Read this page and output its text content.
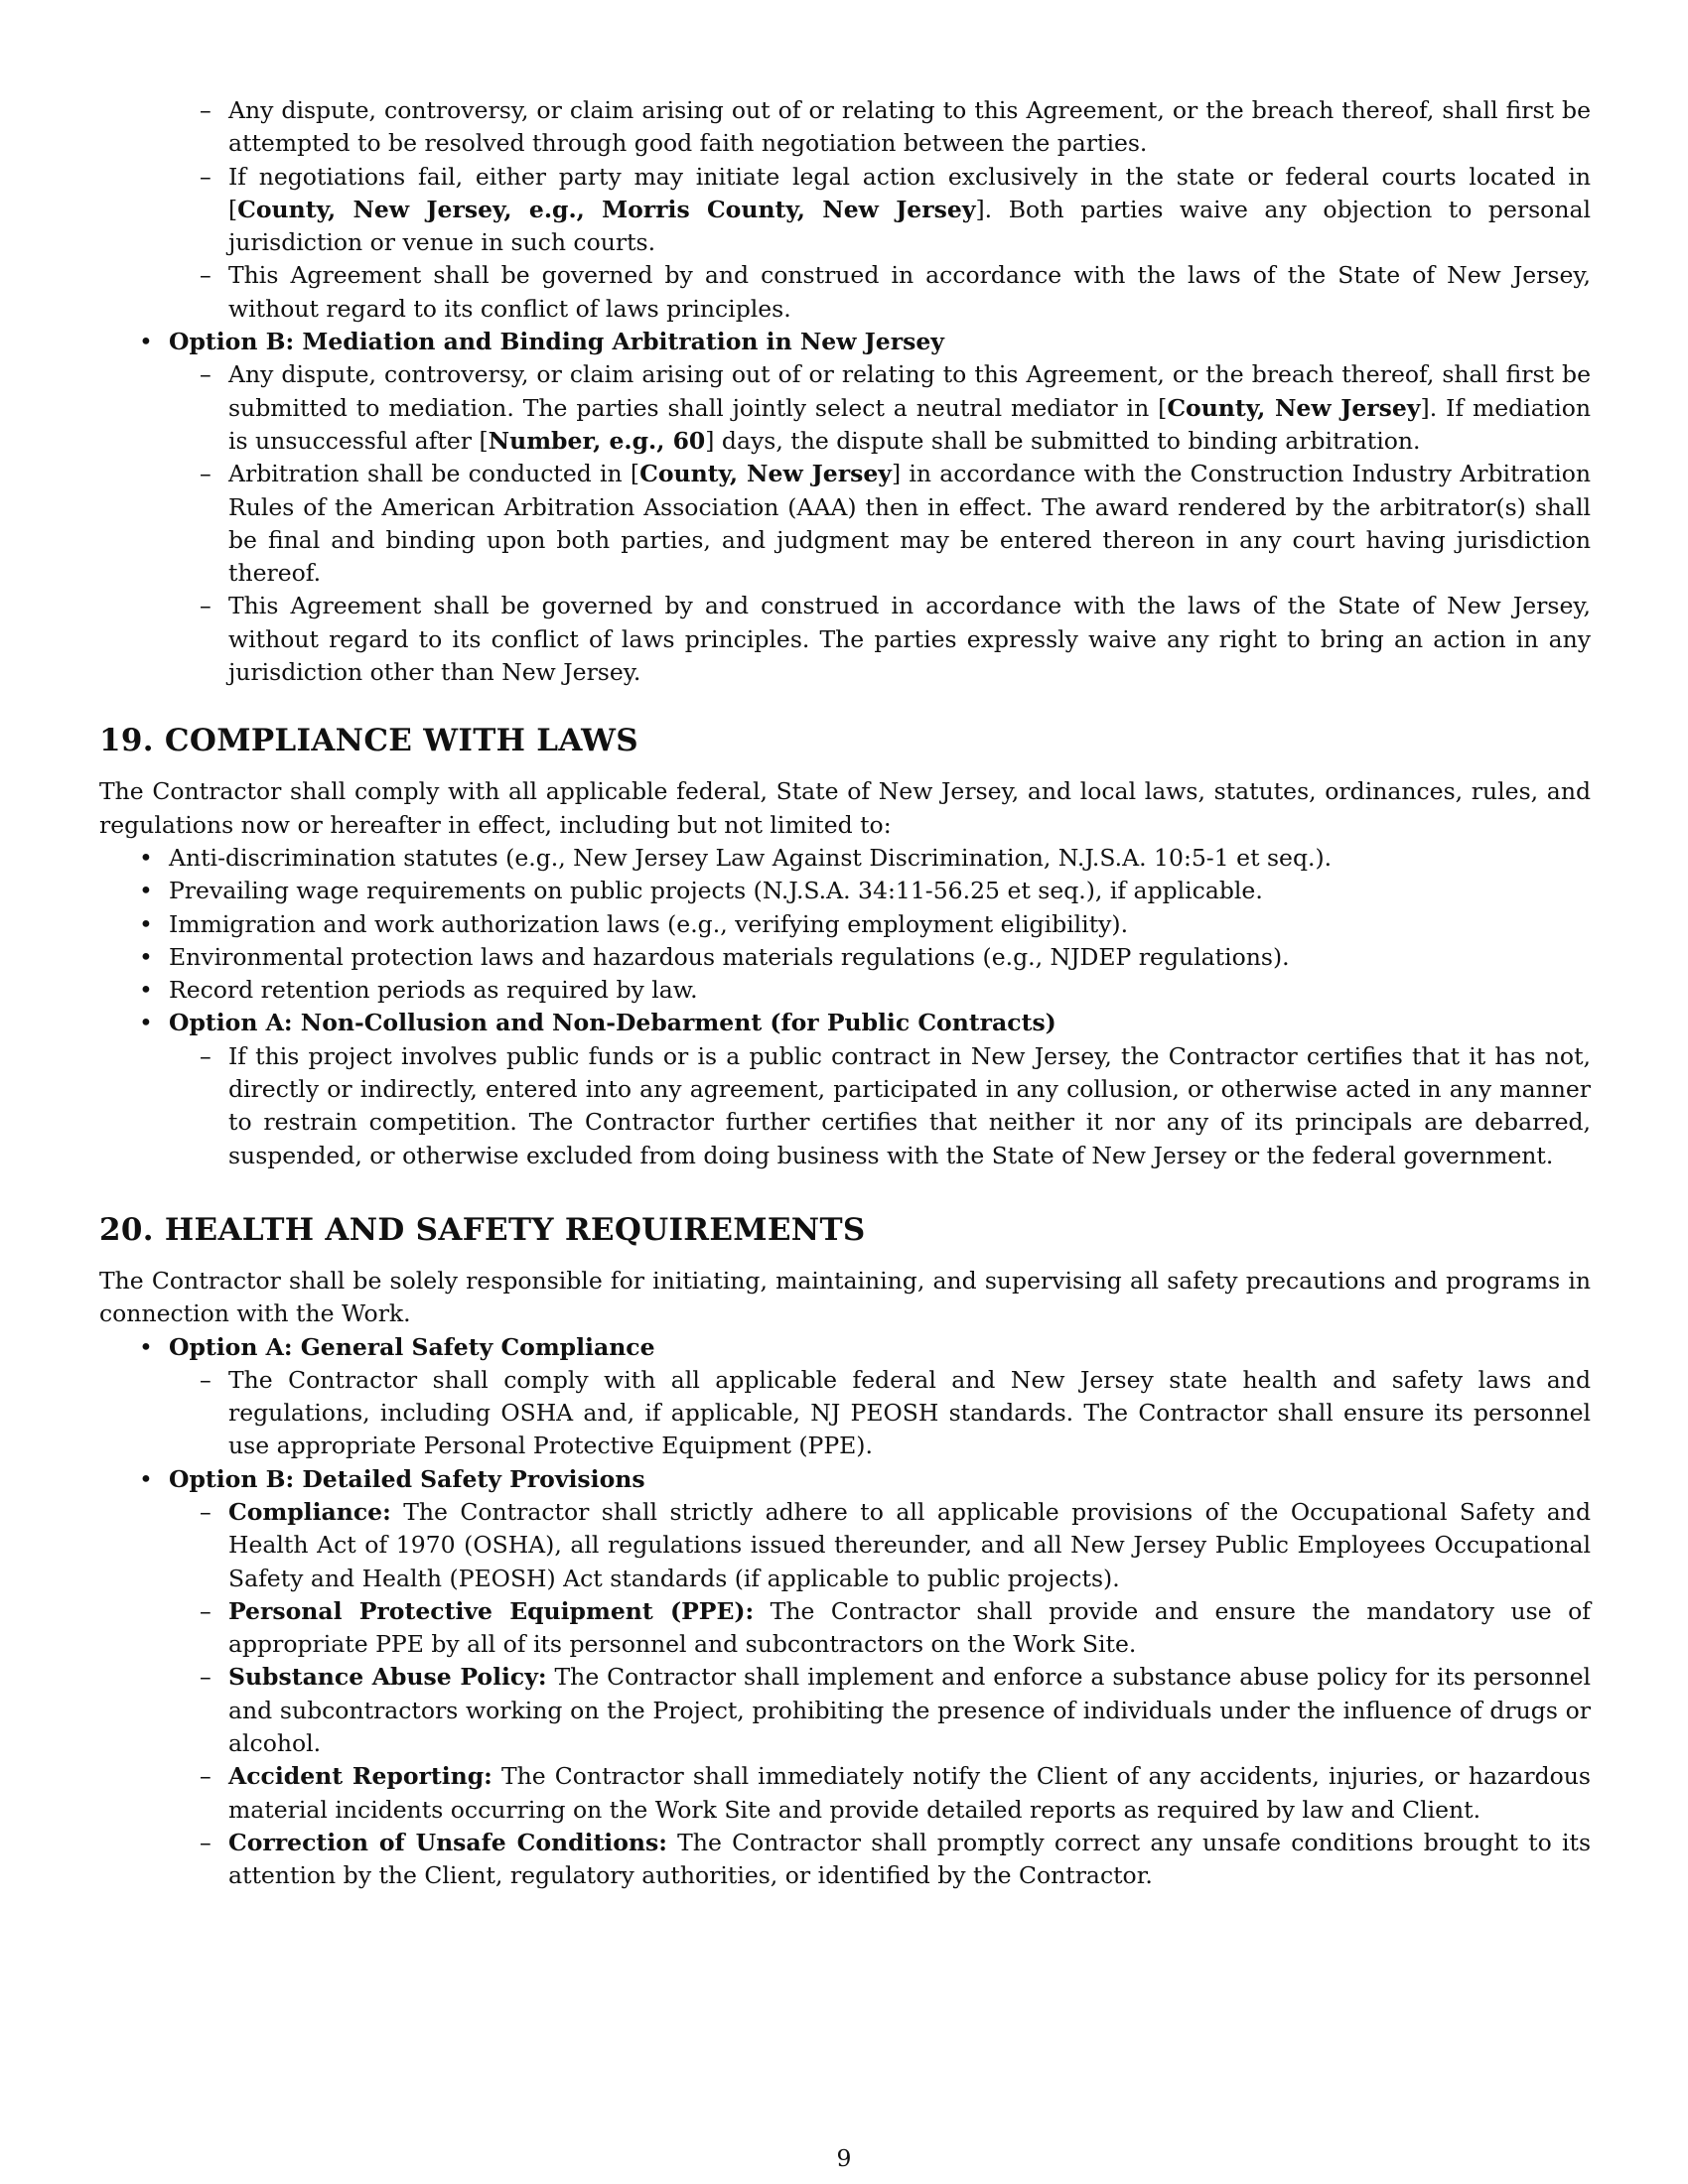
– Any dispute, controversy, or claim arising out of or relating to this Agreement, or the breach thereof, shall first be attempted to be resolved through good faith negotiation between the parties.
– If negotiations fail, either party may initiate legal action exclusively in the state or federal courts located in [County, New Jersey, e.g., Morris County, New Jersey]. Both parties waive any objection to personal jurisdiction or venue in such courts.
– This Agreement shall be governed by and construed in accordance with the laws of the State of New Jersey, without regard to its conflict of laws principles.
• Option B: Mediation and Binding Arbitration in New Jersey
– Any dispute, controversy, or claim arising out of or relating to this Agreement, or the breach thereof, shall first be submitted to mediation. The parties shall jointly select a neutral mediator in [County, New Jersey]. If mediation is unsuccessful after [Number, e.g., 60] days, the dispute shall be submitted to binding arbitration.
– Arbitration shall be conducted in [County, New Jersey] in accordance with the Construction Industry Arbitration Rules of the American Arbitration Association (AAA) then in effect. The award rendered by the arbitrator(s) shall be final and binding upon both parties, and judgment may be entered thereon in any court having jurisdiction thereof.
– This Agreement shall be governed by and construed in accordance with the laws of the State of New Jersey, without regard to its conflict of laws principles. The parties expressly waive any right to bring an action in any jurisdiction other than New Jersey.
19. COMPLIANCE WITH LAWS

The Contractor shall comply with all applicable federal, State of New Jersey, and local laws, statutes, ordinances, rules, and regulations now or hereafter in effect, including but not limited to:

• Anti-discrimination statutes (e.g., New Jersey Law Against Discrimination, N.J.S.A. 10:5-1 et seq.).
• Prevailing wage requirements on public projects (N.J.S.A. 34:11-56.25 et seq.), if applicable.
• Immigration and work authorization laws (e.g., verifying employment eligibility).
• Environmental protection laws and hazardous materials regulations (e.g., NJDEP regulations).
• Record retention periods as required by law.
• Option A: Non-Collusion and Non-Debarment (for Public Contracts)
– If this project involves public funds or is a public contract in New Jersey, the Contractor certifies that it has not, directly or indirectly, entered into any agreement, participated in any collusion, or otherwise acted in any manner to restrain competition. The Contractor further certifies that neither it nor any of its principals are debarred, suspended, or otherwise excluded from doing business with the State of New Jersey or the federal government.
20. HEALTH AND SAFETY REQUIREMENTS

The Contractor shall be solely responsible for initiating, maintaining, and supervising all safety precautions and programs in connection with the Work.

• Option A: General Safety Compliance
– The Contractor shall comply with all applicable federal and New Jersey state health and safety laws and regulations, including OSHA and, if applicable, NJ PEOSH standards. The Contractor shall ensure its personnel use appropriate Personal Protective Equipment (PPE).
• Option B: Detailed Safety Provisions
– Compliance: The Contractor shall strictly adhere to all applicable provisions of the Occupational Safety and Health Act of 1970 (OSHA), all regulations issued thereunder, and all New Jersey Public Employees Occupational Safety and Health (PEOSH) Act standards (if applicable to public projects).
– Personal Protective Equipment (PPE): The Contractor shall provide and ensure the mandatory use of appropriate PPE by all of its personnel and subcontractors on the Work Site.
– Substance Abuse Policy: The Contractor shall implement and enforce a substance abuse policy for its personnel and subcontractors working on the Project, prohibiting the presence of individuals under the influence of drugs or alcohol.
– Accident Reporting: The Contractor shall immediately notify the Client of any accidents, injuries, or hazardous material incidents occurring on the Work Site and provide detailed reports as required by law and Client.
– Correction of Unsafe Conditions: The Contractor shall promptly correct any unsafe conditions brought to its attention by the Client, regulatory authorities, or identified by the Contractor.
9
